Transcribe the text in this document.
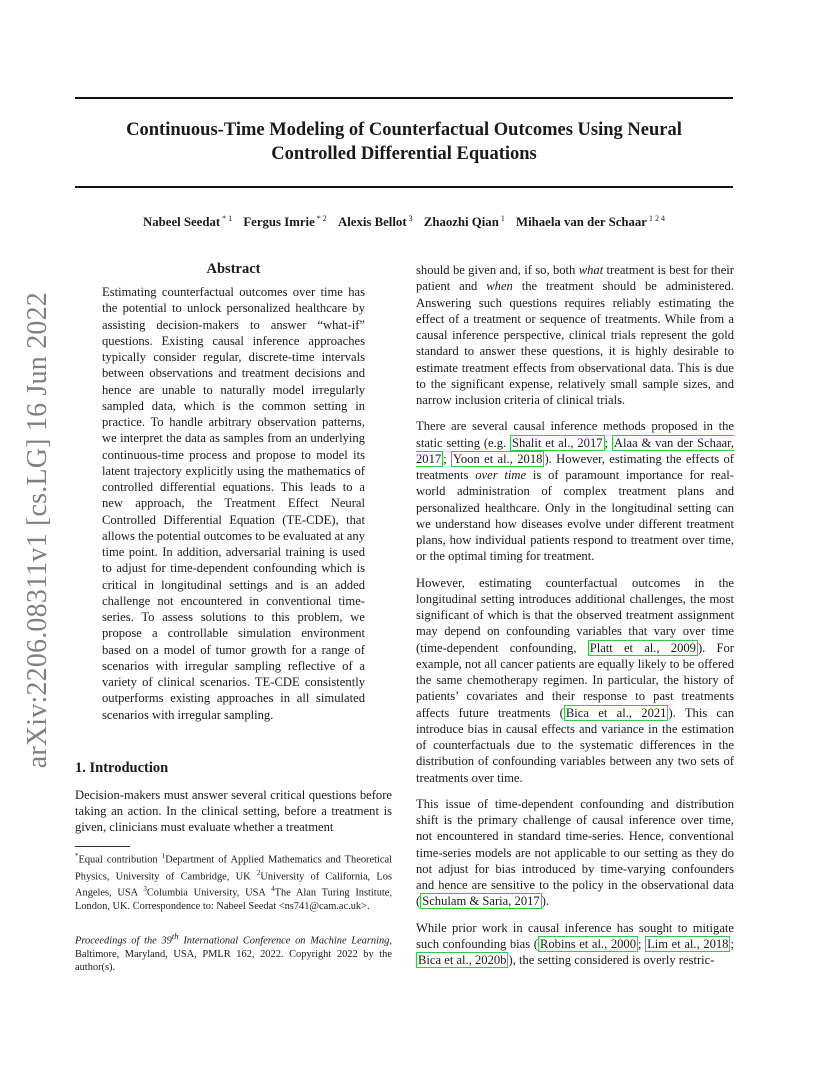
Continuous-Time Modeling of Counterfactual Outcomes Using Neural
Controlled Differential Equations
Nabeel Seedat $^{* 1}$ Fergus Imrie $^{* 2}$ Alexis Bellot $^3$ Zhaozhi Qian $^1$ Mihaela van der Schaar $^{1 2 4}$
arXiv:2206.08311v1 [cs.LG] 16 Jun 2022
Abstract

Estimating counterfactual outcomes over time has the potential to unlock personalized healthcare by assisting decision-makers to answer “what-if” questions. Existing causal inference approaches typically consider regular, discrete-time intervals between observations and treatment decisions and hence are unable to naturally model irregularly sampled data, which is the common setting in practice. To handle arbitrary observation patterns, we interpret the data as samples from an underlying continuous-time process and propose to model its latent trajectory explicitly using the mathematics of controlled differential equations. This leads to a new approach, the Treatment Effect Neural Controlled Differential Equation (TE-CDE), that allows the potential outcomes to be evaluated at any time point. In addition, adversarial training is used to adjust for time-dependent confounding which is critical in longitudinal settings and is an added challenge not encountered in conventional time-series. To assess solutions to this problem, we propose a controllable simulation environment based on a model of tumor growth for a range of scenarios with irregular sampling reflective of a variety of clinical scenarios. TE-CDE consistently outperforms existing approaches in all simulated scenarios with irregular sampling.

1. Introduction

Decision-makers must answer several critical questions before taking an action. In the clinical setting, before a treatment is given, clinicians must evaluate whether a treatment

*Equal contribution $^1$Department of Applied Mathematics and Theoretical Physics, University of Cambridge, UK $^2$University of California, Los Angeles, USA $^3$Columbia University, USA $^4$The Alan Turing Institute, London, UK. Correspondence to: Nabeel Seedat <ns741@cam.ac.uk>.
Proceedings of the 39th International Conference on Machine Learning, Baltimore, Maryland, USA, PMLR 162, 2022. Copyright 2022 by the author(s).

should be given and, if so, both what treatment is best for their patient and when the treatment should be administered. Answering such questions requires reliably estimating the effect of a treatment or sequence of treatments. While from a causal inference perspective, clinical trials represent the gold standard to answer these questions, it is highly desirable to estimate treatment effects from observational data. This is due to the significant expense, relatively small sample sizes, and narrow inclusion criteria of clinical trials.

There are several causal inference methods proposed in the static setting (e.g. Shalit et al., 2017 ; Alaa & van der Schaar, 2017 ; Yoon et al., 2018 ). However, estimating the effects of treatments over time is of paramount importance for real-world administration of complex treatment plans and personalized healthcare. Only in the longitudinal setting can we understand how diseases evolve under different treatment plans, how individual patients respond to treatment over time, or the optimal timing for treatment.

However, estimating counterfactual outcomes in the longitudinal setting introduces additional challenges, the most significant of which is that the observed treatment assignment may depend on confounding variables that vary over time (time-dependent confounding, Platt et al., 2009 ). For example, not all cancer patients are equally likely to be offered the same chemotherapy regimen. In particular, the history of patients’ covariates and their response to past treatments affects future treatments ( Bica et al., 2021 ). This can introduce bias in causal effects and variance in the estimation of counterfactuals due to the systematic differences in the distribution of confounding variables between any two sets of treatments over time.

This issue of time-dependent confounding and distribution shift is the primary challenge of causal inference over time, not encountered in standard time-series. Hence, conventional time-series models are not applicable to our setting as they do not adjust for bias introduced by time-varying confounders and hence are sensitive to the policy in the observational data ( Schulam & Saria, 2017 ).

While prior work in causal inference has sought to mitigate such confounding bias ( Robins et al., 2000 ; Lim et al., 2018 ; Bica et al., 2020b ), the setting considered is overly restric-
